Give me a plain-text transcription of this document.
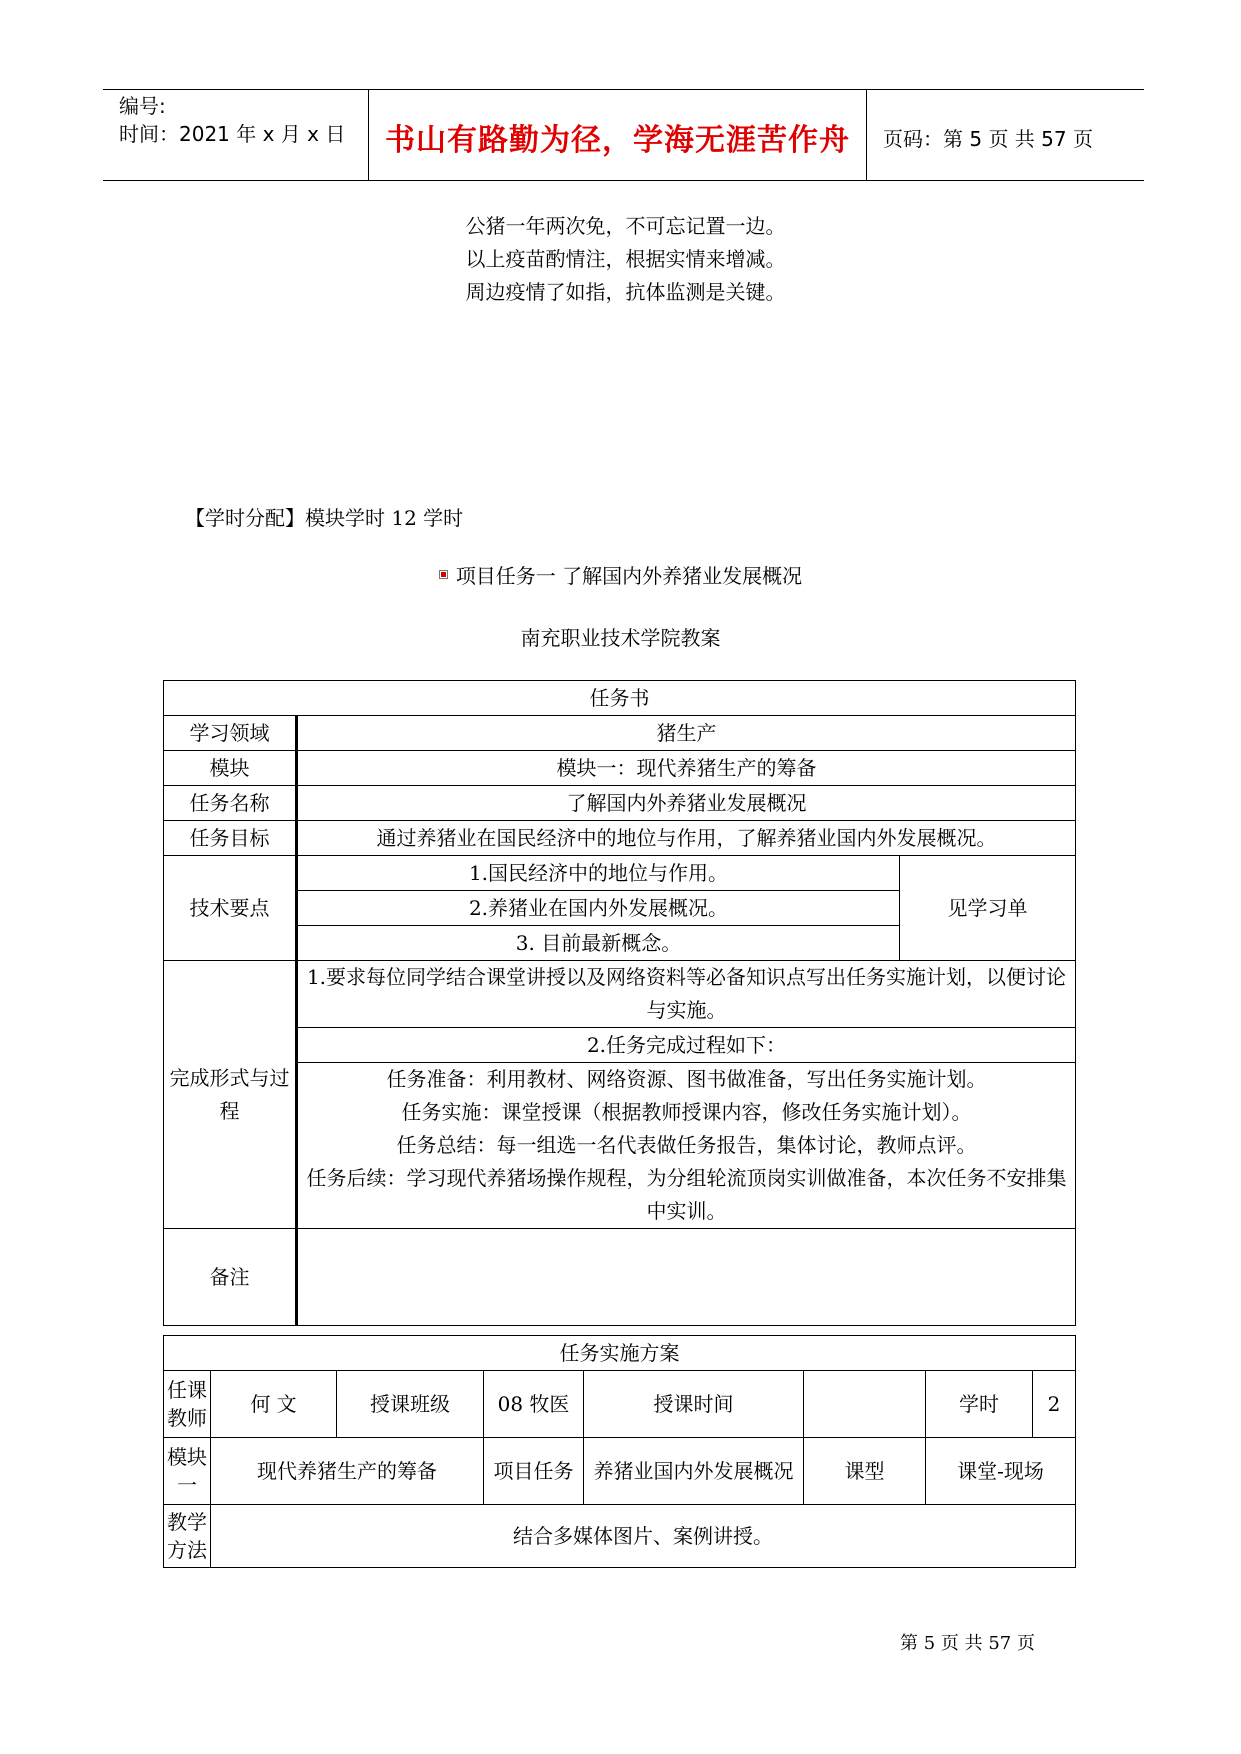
编号:
时间：2021 年 x 月 x 日	书山有路勤为径，学海无涯苦作舟	页码：第 5 页 共 57 页
公猪一年两次免，不可忘记置一边。
以上疫苗酌情注，根据实情来增减。
周边疫情了如指，抗体监测是关键。
【学时分配】模块学时 12 学时
项目任务一 了解国内外养猪业发展概况
南充职业技术学院教案
任务书		
学习领域	猪生产	
模块	模块一：现代养猪生产的筹备	
任务名称	了解国内外养猪业发展概况	
任务目标	通过养猪业在国民经济中的地位与作用，了解养猪业国内外发展概况。	
技术要点	1.国民经济中的地位与作用。	见学习单
	2.养猪业在国内外发展概况。	
	3. 目前最新概念。	
完成形式与过程	1.要求每位同学结合课堂讲授以及网络资料等必备知识点写出任务实施计划，以便讨论与实施。	
	2.任务完成过程如下：	

	任务准备：利用教材、网络资源、图书做准备，写出任务实施计划。
任务实施：课堂授课（根据教师授课内容，修改任务实施计划）。
任务总结：每一组选一名代表做任务报告，集体讨论，教师点评。
任务后续：学习现代养猪场操作规程，为分组轮流顶岗实训做准备，本次任务不安排集中实训。	

备注		
任务实施方案							
任课教师	何 文	授课班级	08 牧医	授课时间		学时	2
模块一	现代养猪生产的筹备		项目任务	养猪业国内外发展概况	课型	课堂-现场	
教学方法	结合多媒体图片、案例讲授。						
第 5 页 共 57 页
